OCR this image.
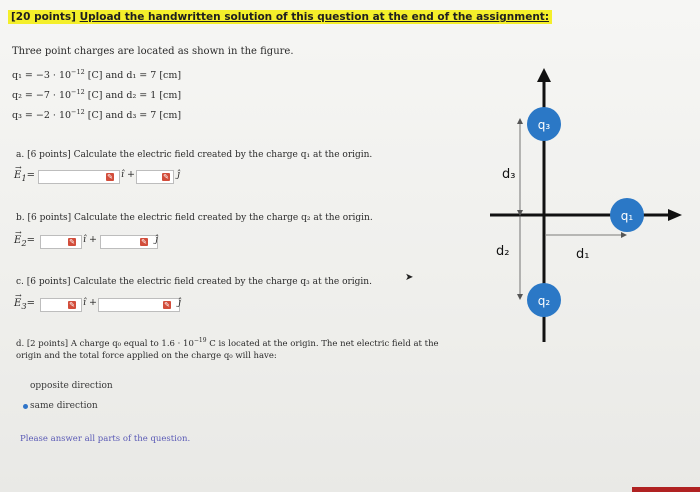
[20 points] Upload the handwritten solution of this question at the end of the assignment:
Three point charges are located as shown in the figure.
$q_1 = -3 \cdot 10^{-12}$ [C] and d₁ = 7 [cm]
$q_2 = -7 \cdot 10^{-12}$ [C] and d₂ = 1 [cm]
$q_3 = -2 \cdot 10^{-12}$ [C] and d₃ = 7 [cm]
a. [6 points] Calculate the electric field created by the charge q₁ at the origin.
→
$E_1=$	✎ î +	✎ ĵ
b. [6 points] Calculate the electric field created by the charge q₂ at the origin.
→
$E_2=$	✎ î +	✎ ĵ
c. [6 points] Calculate the electric field created by the charge q₃ at the origin.
→
$E_3=$	✎ î +	✎ ĵ
➤
d. [2 points] A charge q₀ equal to $1.6 \cdot 10^{-19}$ C is located at the origin. The net electric field at the
origin and the total force applied on the charge q₀ will have:
opposite direction
same direction
Please answer all parts of the question.
q₃
q₁
q₂
d₃
d₂	d₁
